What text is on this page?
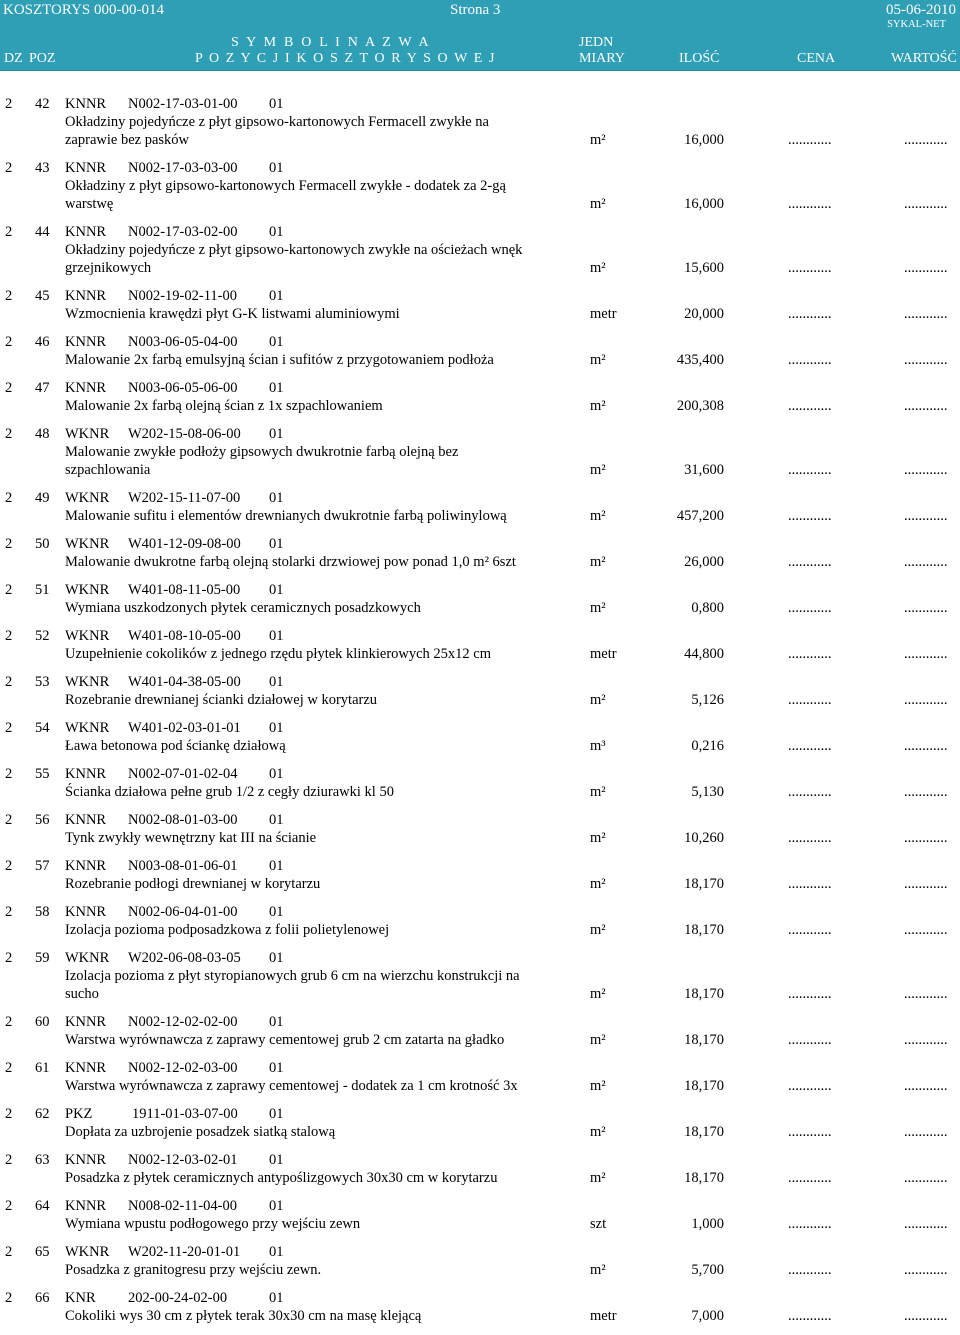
KOSZTORYS 000-00-014	Strona 3	05-06-2010
SYKAL-NET
DZ POZ
S Y M B O L I N A Z W A
P O Z Y C J I K O S Z T O R Y S O W E J
JEDN
MIARY	ILOŚĆ	CENA	WARTOŚĆ
2 42 KNNR N002-17-03-01-00 01
Okładziny pojedyńcze z płyt gipsowo-kartonowych Fermacell zwykłe na
zaprawie bez pasków	m²	16,000	............	............
2 43 KNNR N002-17-03-03-00 01
Okładziny z płyt gipsowo-kartonowych Fermacell zwykłe - dodatek za 2-gą
warstwę	m²	16,000	............	............
2 44 KNNR N002-17-03-02-00 01
Okładziny pojedyńcze z płyt gipsowo-kartonowych zwykłe na ościeżach wnęk
grzejnikowych	m²	15,600	............	............
2 45 KNNR N002-19-02-11-00 01
Wzmocnienia krawędzi płyt G-K listwami aluminiowymi	metr	20,000	............	............
2 46 KNNR N003-06-05-04-00 01
Malowanie 2x farbą emulsyjną ścian i sufitów z przygotowaniem podłoża	m²	435,400	............	............
2 47 KNNR N003-06-05-06-00 01
Malowanie 2x farbą olejną ścian z 1x szpachlowaniem	m²	200,308	............	............
2 48 WKNR W202-15-08-06-00 01
Malowanie zwykłe podłoży gipsowych dwukrotnie farbą olejną bez
szpachlowania	m²	31,600	............	............
2 49 WKNR W202-15-11-07-00 01
Malowanie sufitu i elementów drewnianych dwukrotnie farbą poliwinylową	m²	457,200	............	............
2 50 WKNR W401-12-09-08-00 01
Malowanie dwukrotne farbą olejną stolarki drzwiowej pow ponad 1,0 m² 6szt	m²	26,000	............	............
2 51 WKNR W401-08-11-05-00 01
Wymiana uszkodzonych płytek ceramicznych posadzkowych	m²	0,800	............	............
2 52 WKNR W401-08-10-05-00 01
Uzupełnienie cokolików z jednego rzędu płytek klinkierowych 25x12 cm	metr	44,800	............	............
2 53 WKNR W401-04-38-05-00 01
Rozebranie drewnianej ścianki działowej w korytarzu	m²	5,126	............	............
2 54 WKNR W401-02-03-01-01 01
Ława betonowa pod ściankę działową	m³	0,216	............	............
2 55 KNNR N002-07-01-02-04 01
Ścianka działowa pełne grub 1/2 z cegły dziurawki kl 50	m²	5,130	............	............
2 56 KNNR N002-08-01-03-00 01
Tynk zwykły wewnętrzny kat III na ścianie	m²	10,260	............	............
2 57 KNNR N003-08-01-06-01 01
Rozebranie podłogi drewnianej w korytarzu	m²	18,170	............	............
2 58 KNNR N002-06-04-01-00 01
Izolacja pozioma podposadzkowa z folii polietylenowej	m²	18,170	............	............
2 59 WKNR W202-06-08-03-05 01
Izolacja pozioma z płyt styropianowych grub 6 cm na wierzchu konstrukcji na
sucho	m²	18,170	............	............
2 60 KNNR N002-12-02-02-00 01
Warstwa wyrównawcza z zaprawy cementowej grub 2 cm zatarta na gładko	m²	18,170	............	............
2 61 KNNR N002-12-02-03-00 01
Warstwa wyrównawcza z zaprawy cementowej - dodatek za 1 cm krotność 3x	m²	18,170	............	............
2 62 PKZ	1911-01-03-07-00 01
Dopłata za uzbrojenie posadzek siatką stalową	m²	18,170	............	............
2 63 KNNR N002-12-03-02-01 01
Posadzka z płytek ceramicznych antypoślizgowych 30x30 cm w korytarzu	m²	18,170	............	............
2 64 KNNR N008-02-11-04-00 01
Wymiana wpustu podłogowego przy wejściu zewn	szt	1,000	............	............
2 65 WKNR W202-11-20-01-01 01
Posadzka z granitogresu przy wejściu zewn.	m²	5,700	............	............
2 66 KNR 202-00-24-02-00	01
Cokoliki wys 30 cm z płytek terak 30x30 cm na masę klejącą	metr	7,000	............	............
